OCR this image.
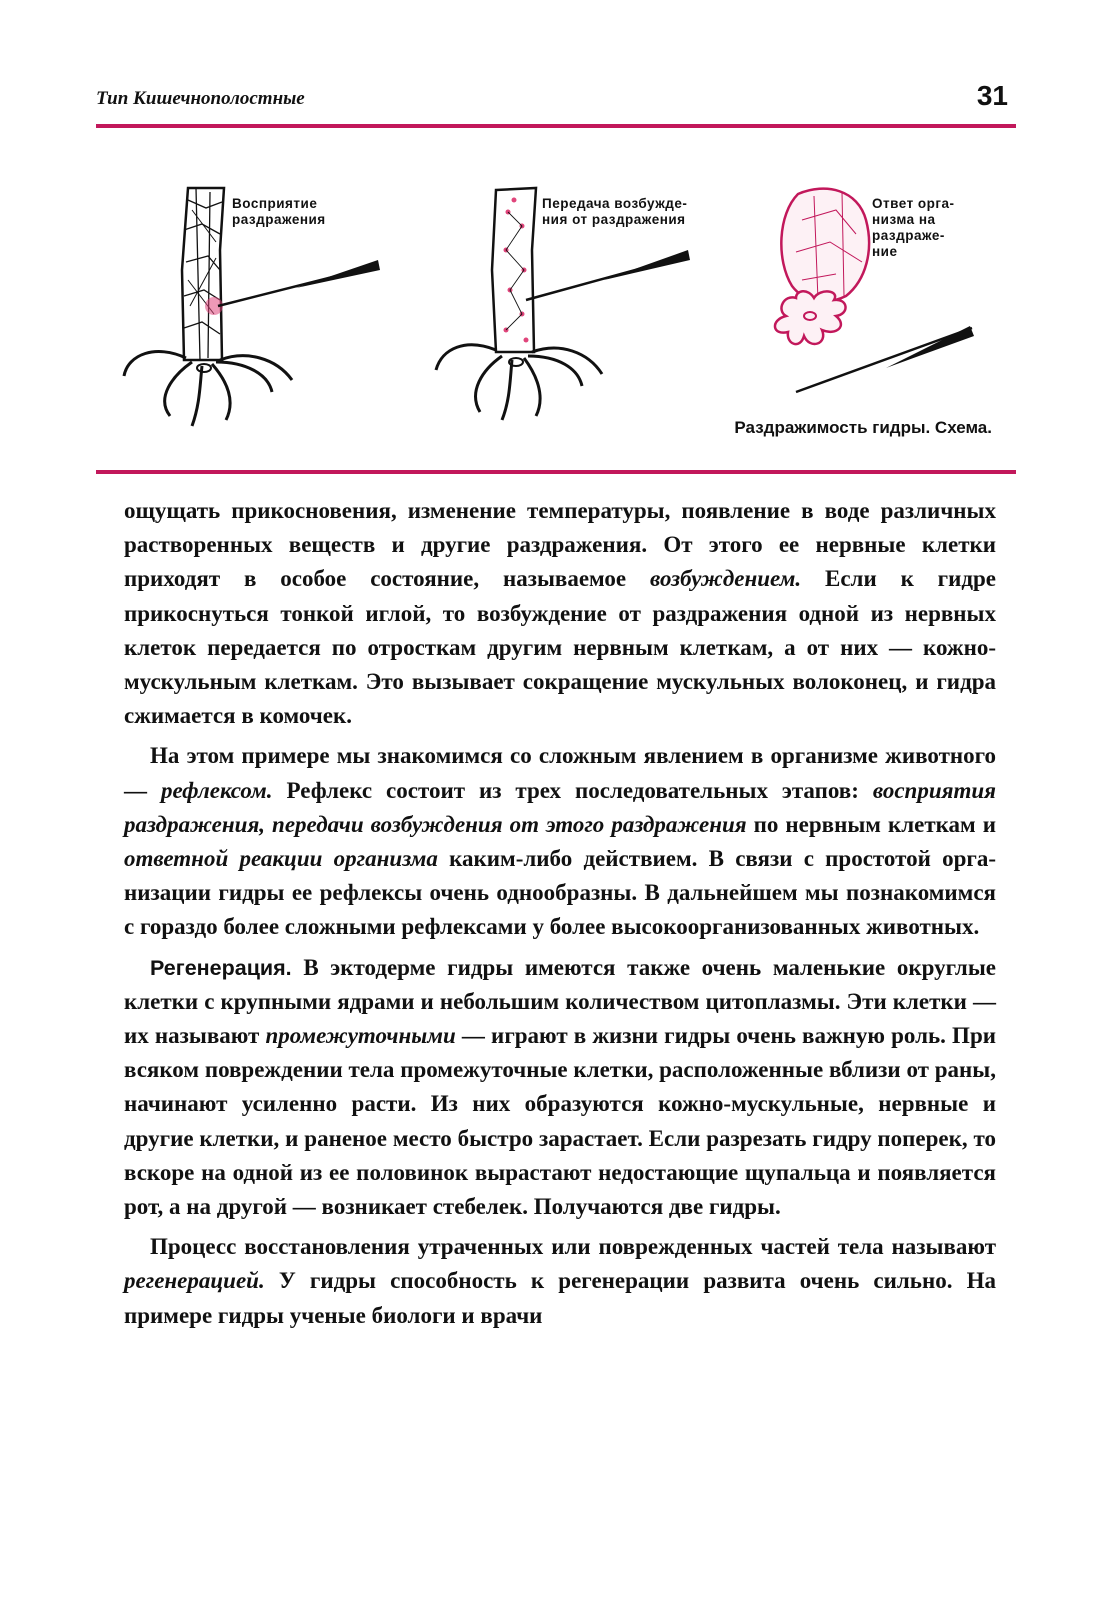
Тип Кишечнополостные	31
Восприятие
раздражения
Передача возбужде-
ния от раздражения
Ответ орга-
низма на
раздраже-
ние
Раздражимость гидры. Схема.

ощущать прикосновения, изменение температуры, появление в воде различных растворенных веществ и другие раздражения. От этого ее нервные клетки приходят в особое состояние, называемое возбуждением. Если к гидре прикоснуться тонкой иглой, то возбуждение от раздражения одной из нервных клеток передается по отросткам другим нервным клеткам, а от них — кожно-мускульным клеткам. Это вызывает сокращение мускульных волоконец, и гидра сжимается в комочек.

На этом примере мы знакомимся со сложным явлением в организме животного — рефлексом. Рефлекс состоит из трех последовательных этапов: восприятия раздражения, передачи возбуждения от этого раздражения по нервным клеткам и ответной реакции организма каким-либо действием. В связи с простотой организации гидры ее рефлексы очень однообразны. В дальнейшем мы познакомимся с гораздо более сложными рефлексами у более высокоорганизованных животных.

Регенерация. В эктодерме гидры имеются также очень маленькие округлые клетки с крупными ядрами и небольшим количеством цитоплазмы. Эти клетки — их называют промежуточными — играют в жизни гидры очень важную роль. При всяком повреждении тела промежуточные клетки, расположенные вблизи от раны, начинают усиленно расти. Из них образуются кожно-мускульные, нервные и другие клетки, и раненое место быстро зарастает. Если разрезать гидру поперек, то вскоре на одной из ее половинок вырастают недостающие щупальца и появляется рот, а на другой — возникает стебелек. Получаются две гидры.

Процесс восстановления утраченных или поврежденных частей тела называют регенерацией. У гидры способность к регенерации развита очень сильно. На примере гидры ученые биологи и врачи
